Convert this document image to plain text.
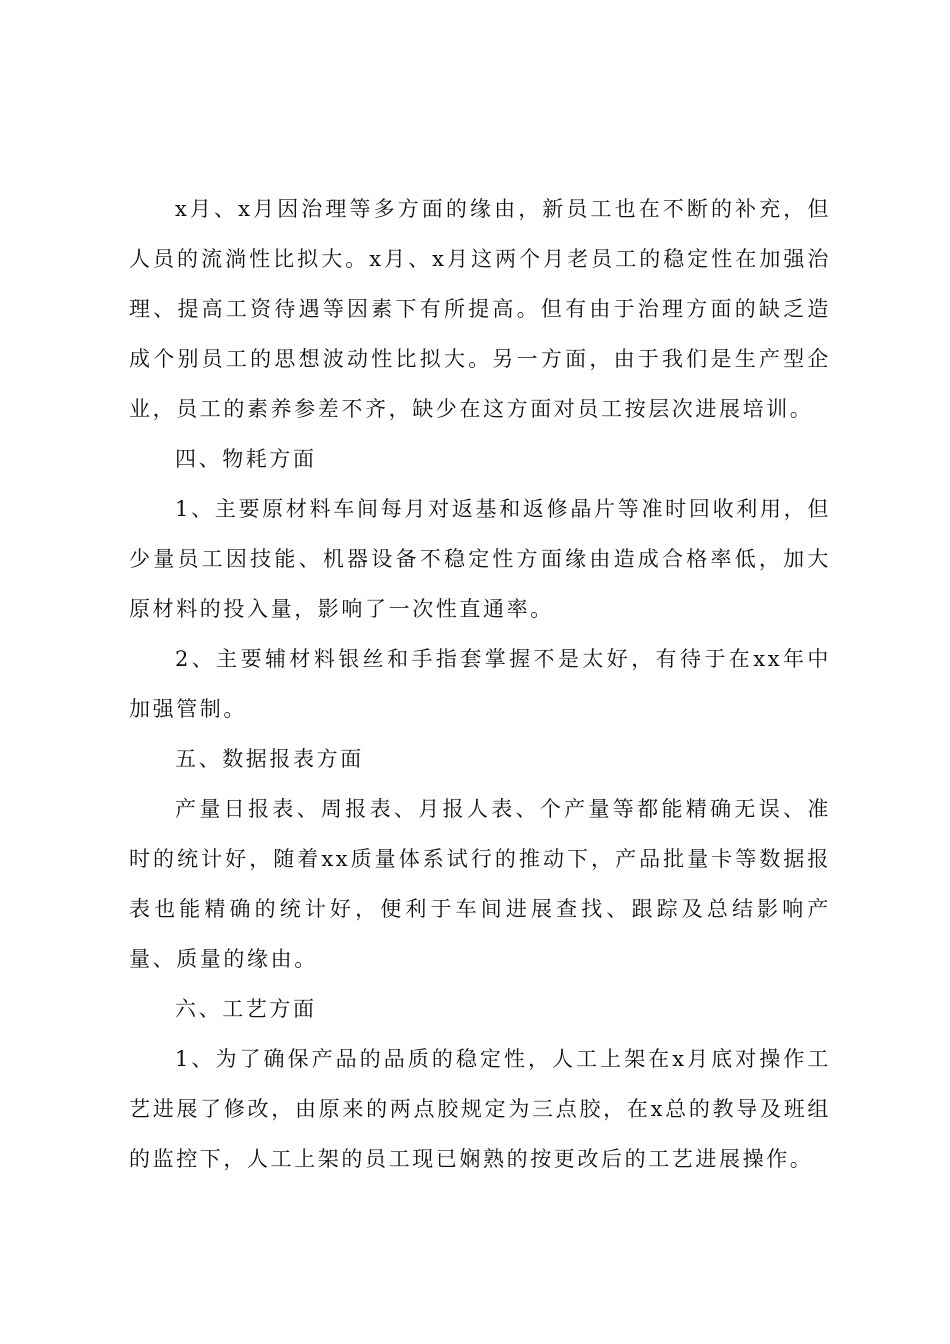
x月、x月因治理等多方面的缘由，新员工也在不断的补充，但人员的流淌性比拟大。x月、x月这两个月老员工的稳定性在加强治理、提高工资待遇等因素下有所提高。但有由于治理方面的缺乏造成个别员工的思想波动性比拟大。另一方面，由于我们是生产型企业，员工的素养参差不齐，缺少在这方面对员工按层次进展培训。

四、物耗方面

1、主要原材料车间每月对返基和返修晶片等准时回收利用，但少量员工因技能、机器设备不稳定性方面缘由造成合格率低，加大原材料的投入量，影响了一次性直通率。

2、主要辅材料银丝和手指套掌握不是太好，有待于在xx年中加强管制。

五、数据报表方面

产量日报表、周报表、月报人表、个产量等都能精确无误、准时的统计好，随着xx质量体系试行的推动下，产品批量卡等数据报表也能精确的统计好，便利于车间进展查找、跟踪及总结影响产量、质量的缘由。

六、工艺方面

1、为了确保产品的品质的稳定性，人工上架在x月底对操作工艺进展了修改，由原来的两点胶规定为三点胶，在x总的教导及班组的监控下，人工上架的员工现已娴熟的按更改后的工艺进展操作。
